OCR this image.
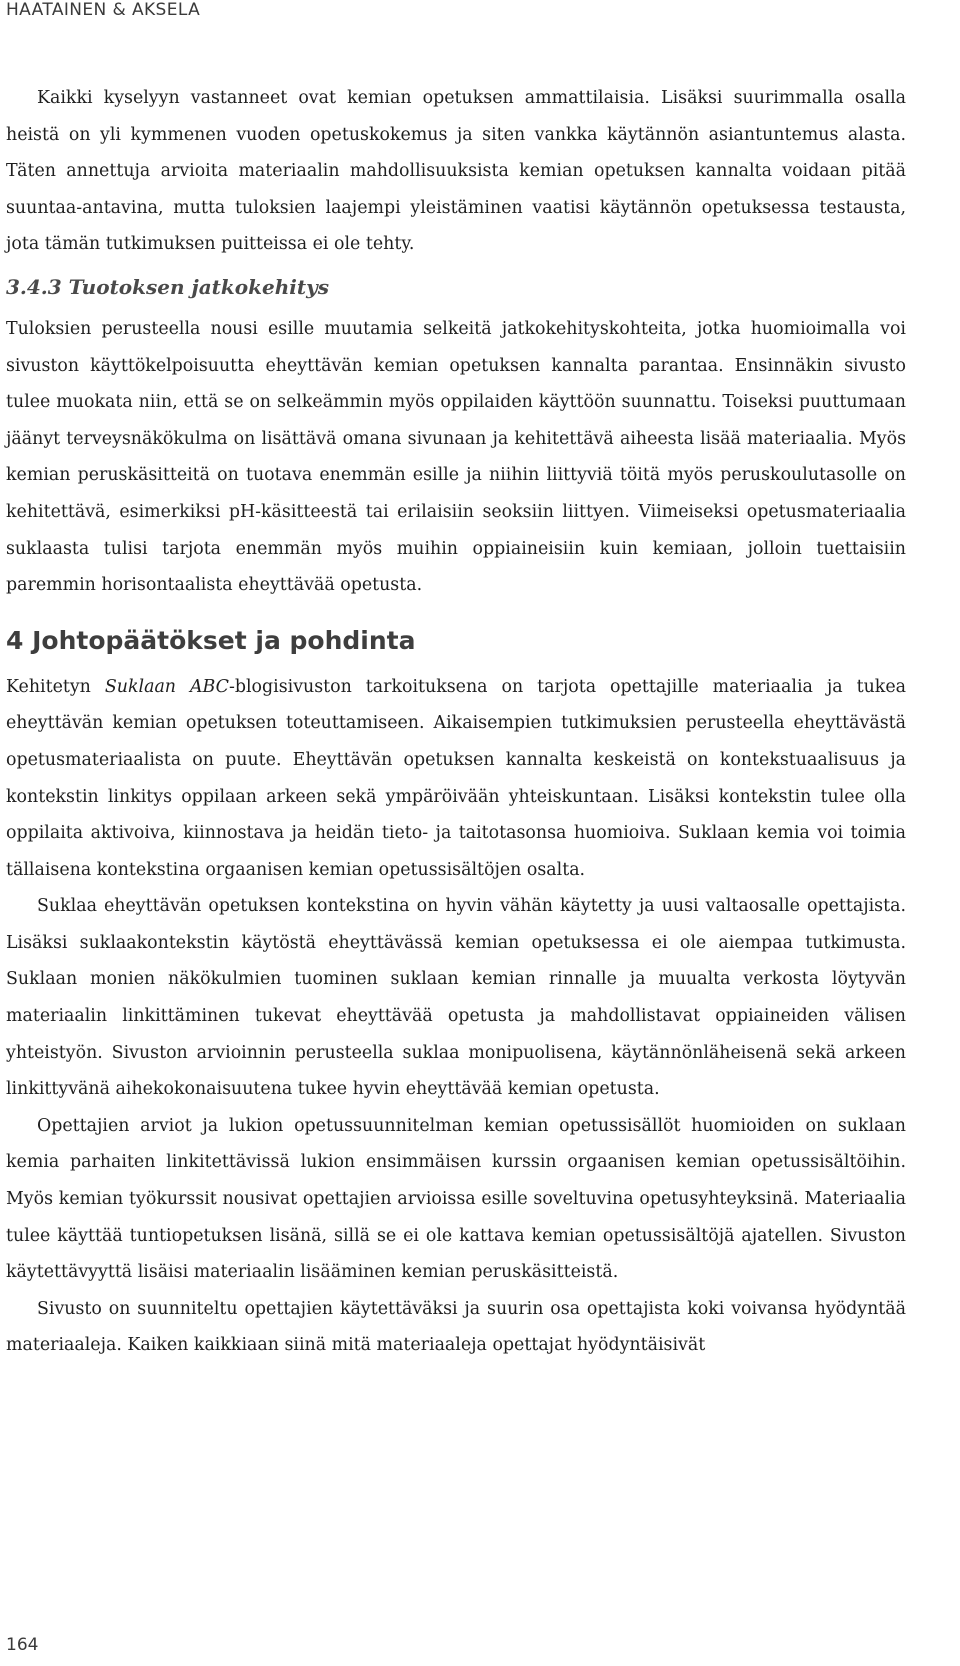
HAATAINEN & AKSELA

Kaikki kyselyyn vastanneet ovat kemian opetuksen ammattilaisia. Lisäksi suurimmalla osalla heistä on yli kymmenen vuoden opetuskokemus ja siten vankka käytännön asiantuntemus alasta. Täten annettuja arvioita materiaalin mahdollisuuksista kemian opetuksen kannalta voidaan pitää suuntaa-antavina, mutta tuloksien laajempi yleistäminen vaatisi käytännön opetuksessa testausta, jota tämän tutkimuksen puitteissa ei ole tehty.

3.4.3 Tuotoksen jatkokehitys

Tuloksien perusteella nousi esille muutamia selkeitä jatkokehityskohteita, jotka huomioimalla voi sivuston käyttökelpoisuutta eheyttävän kemian opetuksen kannalta parantaa. Ensinnäkin sivusto tulee muokata niin, että se on selkeämmin myös oppilaiden käyttöön suunnattu. Toiseksi puuttumaan jäänyt terveysnäkökulma on lisättävä omana sivunaan ja kehitettävä aiheesta lisää materiaalia. Myös kemian peruskäsitteitä on tuotava enemmän esille ja niihin liittyviä töitä myös peruskoulutasolle on kehitettävä, esimerkiksi pH-käsitteestä tai erilaisiin seoksiin liittyen. Viimeiseksi opetusmateriaalia suklaasta tulisi tarjota enemmän myös muihin oppiaineisiin kuin kemiaan, jolloin tuettaisiin paremmin horisontaalista eheyttävää opetusta.

4 Johtopäätökset ja pohdinta

Kehitetyn Suklaan ABC-blogisivuston tarkoituksena on tarjota opettajille materiaalia ja tukea eheyttävän kemian opetuksen toteuttamiseen. Aikaisempien tutkimuksien perusteella eheyttävästä opetusmateriaalista on puute. Eheyttävän opetuksen kannalta keskeistä on kontekstuaalisuus ja kontekstin linkitys oppilaan arkeen sekä ympäröivään yhteiskuntaan. Lisäksi kontekstin tulee olla oppilaita aktivoiva, kiinnostava ja heidän tieto- ja taitotasonsa huomioiva. Suklaan kemia voi toimia tällaisena kontekstina orgaanisen kemian opetussisältöjen osalta.

Suklaa eheyttävän opetuksen kontekstina on hyvin vähän käytetty ja uusi valtaosalle opettajista. Lisäksi suklaakontekstin käytöstä eheyttävässä kemian opetuksessa ei ole aiempaa tutkimusta. Suklaan monien näkökulmien tuominen suklaan kemian rinnalle ja muualta verkosta löytyvän materiaalin linkittäminen tukevat eheyttävää opetusta ja mahdollistavat oppiaineiden välisen yhteistyön. Sivuston arvioinnin perusteella suklaa monipuolisena, käytännönläheisenä sekä arkeen linkittyvänä aihekokonaisuutena tukee hyvin eheyttävää kemian opetusta.

Opettajien arviot ja lukion opetussuunnitelman kemian opetussisällöt huomioiden on suklaan kemia parhaiten linkitettävissä lukion ensimmäisen kurssin orgaanisen kemian opetussisältöihin. Myös kemian työkurssit nousivat opettajien arvioissa esille soveltuvina opetusyhteyksinä. Materiaalia tulee käyttää tuntiopetuksen lisänä, sillä se ei ole kattava kemian opetussisältöjä ajatellen. Sivuston käytettävyyttä lisäisi materiaalin lisääminen kemian peruskäsitteistä.

Sivusto on suunniteltu opettajien käytettäväksi ja suurin osa opettajista koki voivansa hyödyntää materiaaleja. Kaiken kaikkiaan siinä mitä materiaaleja opettajat hyödyntäisivät

164
